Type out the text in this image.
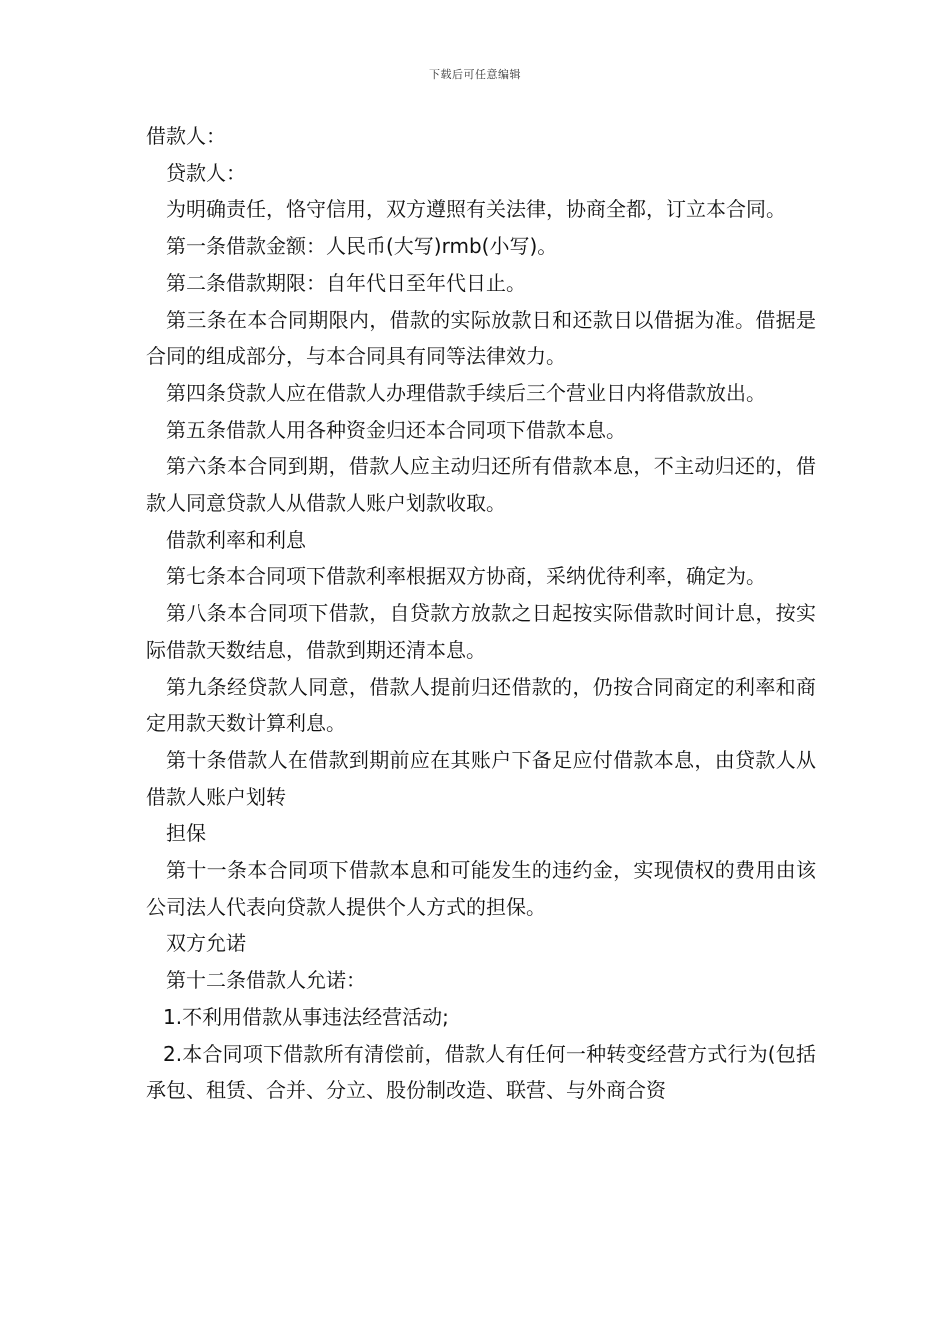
下载后可任意编辑

借款人：

贷款人：

为明确责任，恪守信用，双方遵照有关法律，协商全都，订立本合同。

第一条借款金额：人民币(大写)rmb(小写)。

第二条借款期限：自年代日至年代日止。

第三条在本合同期限内，借款的实际放款日和还款日以借据为准。借据是合同的组成部分，与本合同具有同等法律效力。

第四条贷款人应在借款人办理借款手续后三个营业日内将借款放出。

第五条借款人用各种资金归还本合同项下借款本息。

第六条本合同到期，借款人应主动归还所有借款本息，不主动归还的，借款人同意贷款人从借款人账户划款收取。

借款利率和利息

第七条本合同项下借款利率根据双方协商，采纳优待利率，确定为。

第八条本合同项下借款，自贷款方放款之日起按实际借款时间计息，按实际借款天数结息，借款到期还清本息。

第九条经贷款人同意，借款人提前归还借款的，仍按合同商定的利率和商定用款天数计算利息。

第十条借款人在借款到期前应在其账户下备足应付借款本息，由贷款人从借款人账户划转

担保

第十一条本合同项下借款本息和可能发生的违约金，实现债权的费用由该公司法人代表向贷款人提供个人方式的担保。

双方允诺

第十二条借款人允诺：

1.不利用借款从事违法经营活动;

2.本合同项下借款所有清偿前，借款人有任何一种转变经营方式行为(包括承包、租赁、合并、分立、股份制改造、联营、与外商合资
